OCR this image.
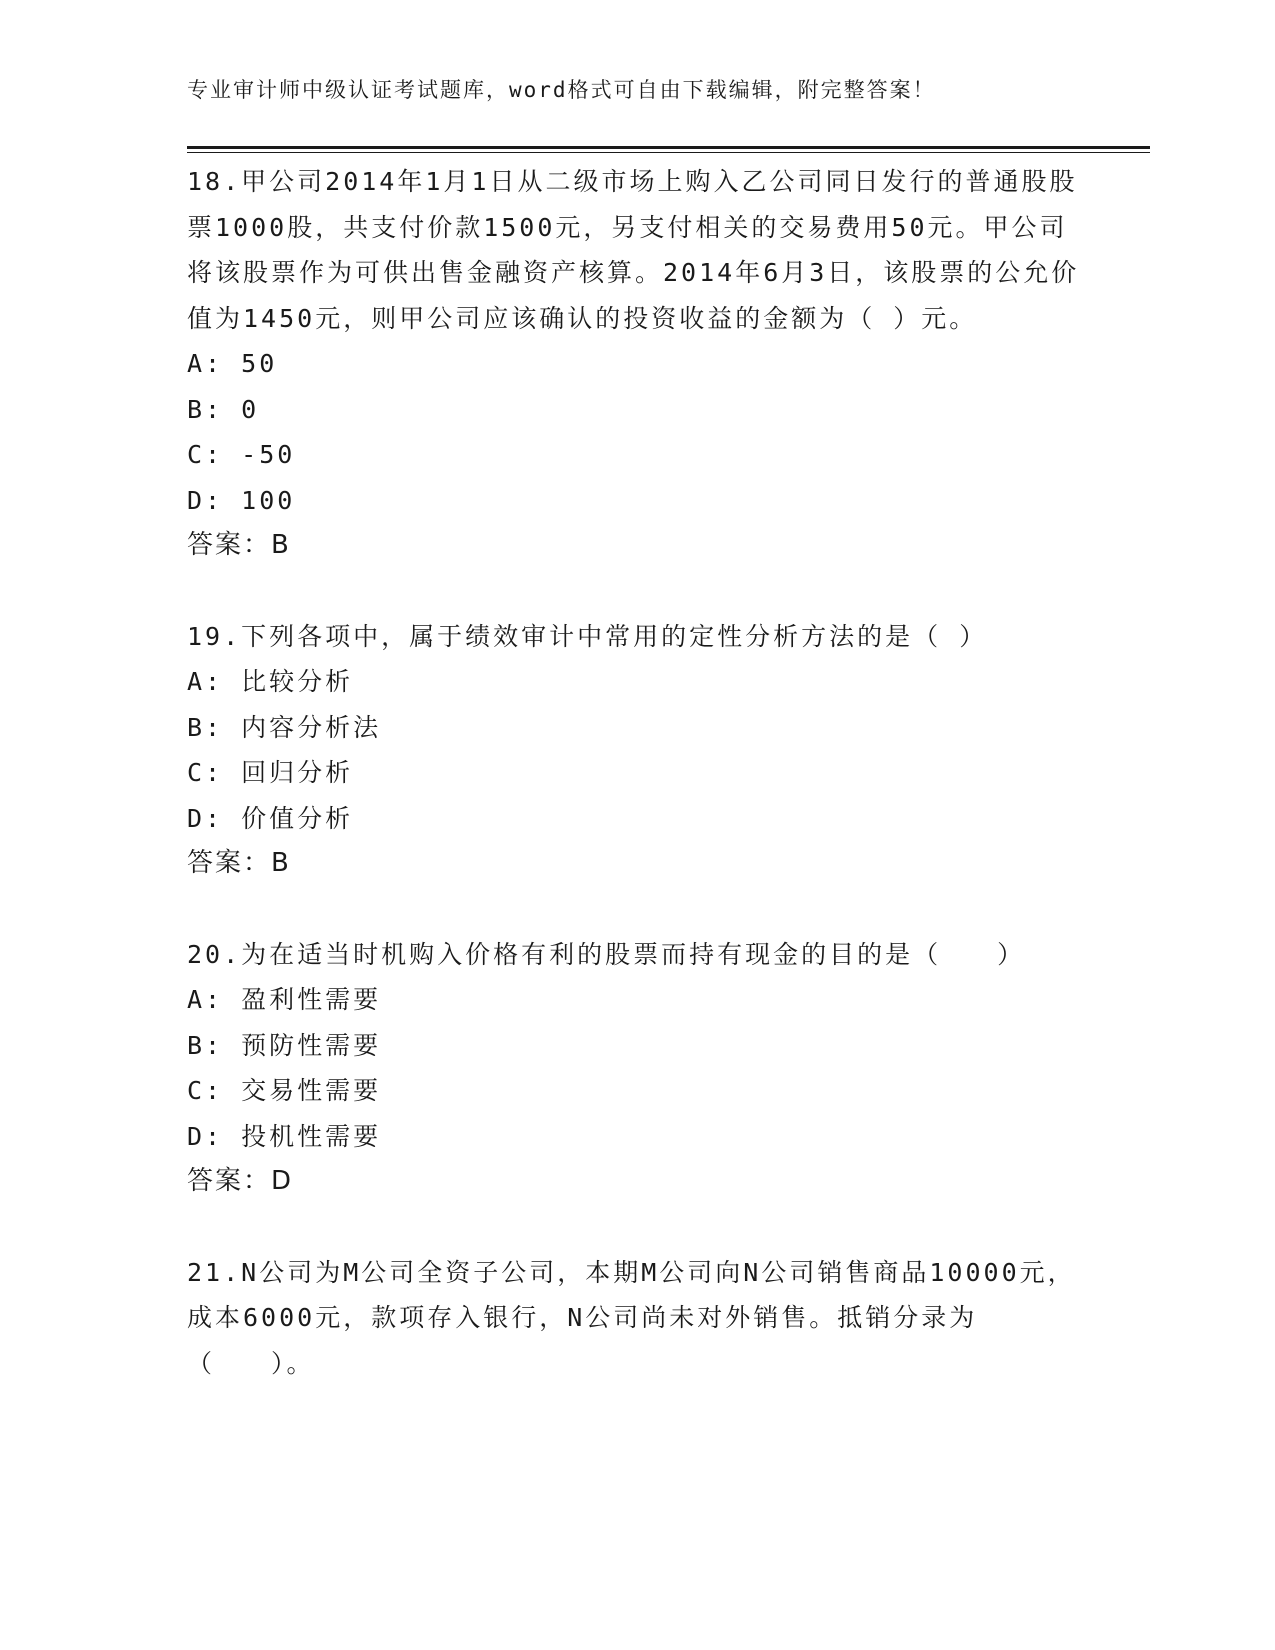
专业审计师中级认证考试题库，word格式可自由下载编辑，附完整答案！

18.甲公司2014年1月1日从二级市场上购入乙公司同日发行的普通股股票1000股，共支付价款1500元，另支付相关的交易费用50元。甲公司将该股票作为可供出售金融资产核算。2014年6月3日，该股票的公允价值为1450元，则甲公司应该确认的投资收益的金额为（ ）元。

A: 50
B: 0
C: -50
D: 100

答案：B

19.下列各项中，属于绩效审计中常用的定性分析方法的是（ ）

A: 比较分析
B: 内容分析法
C: 回归分析
D: 价值分析

答案：B

20.为在适当时机购入价格有利的股票而持有现金的目的是（　　）

A: 盈利性需要
B: 预防性需要
C: 交易性需要
D: 投机性需要

答案：D

21.N公司为M公司全资子公司，本期M公司向N公司销售商品10000元，成本6000元，款项存入银行，N公司尚未对外销售。抵销分录为（　　）。
